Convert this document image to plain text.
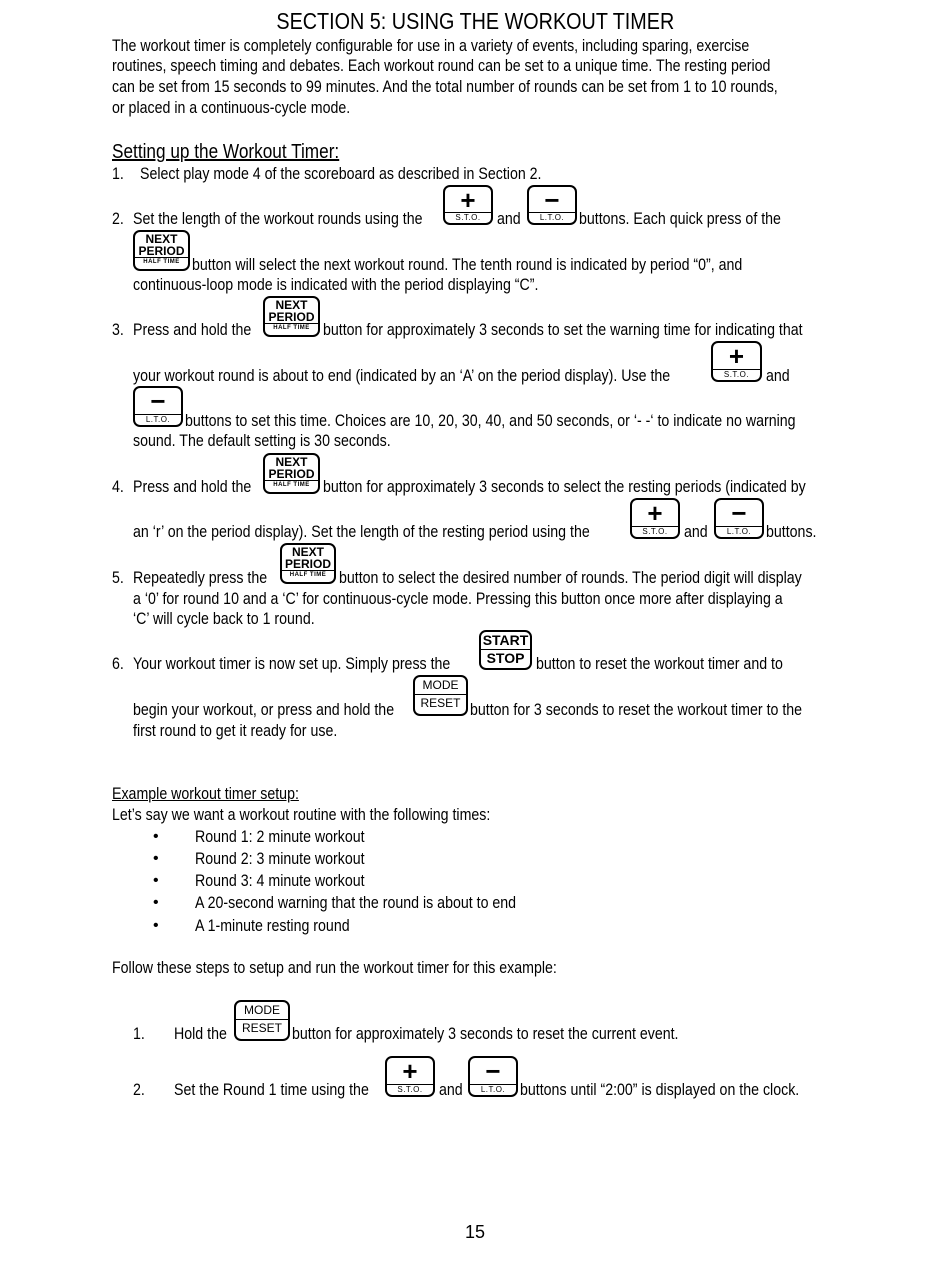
SECTION 5: USING THE WORKOUT TIMER
The workout timer is completely configurable for use in a variety of events, including sparing, exercise
routines, speech timing and debates. Each workout round can be set to a unique time. The resting period
can be set from 15 seconds to 99 minutes. And the total number of rounds can be set from 1 to 10 rounds,
or placed in a continuous-cycle mode.
Setting up the Workout Timer:
1. Select play mode 4 of the scoreboard as described in Section 2.
2. Set the length of the workout rounds using the
+
S.T.O. and
−
L.T.O. buttons. Each quick press of the
NEXT
PERIOD
HALF TIME button will select the next workout round. The tenth round is indicated by period “0”, and
continuous-loop mode is indicated with the period displaying “C”.
3. Press and hold the
NEXT
PERIOD
HALF TIME button for approximately 3 seconds to set the warning time for indicating that
your workout round is about to end (indicated by an ‘A’ on the period display). Use the
+
S.T.O.	and
−
L.T.O. buttons to set this time. Choices are 10, 20, 30, 40, and 50 seconds, or ‘- -‘ to indicate no warning
sound. The default setting is 30 seconds.
4. Press and hold the
NEXT
PERIOD
HALF TIME button for approximately 3 seconds to select the resting periods (indicated by
an ‘r’ on the period display). Set the length of the resting period using the
+
S.T.O. and
−
L.T.O. buttons.
5. Repeatedly press the
NEXT
PERIOD
HALF TIME button to select the desired number of rounds. The period digit will display
a ‘0’ for round 10 and a ‘C’ for continuous-cycle mode. Pressing this button once more after displaying a
‘C’ will cycle back to 1 round.
6. Your workout timer is now set up. Simply press the
START
STOP button to reset the workout timer and to
begin your workout, or press and hold the
MODE
RESET button for 3 seconds to reset the workout timer to the
first round to get it ready for use.
Example workout timer setup:
Let’s say we want a workout routine with the following times:
• Round 1: 2 minute workout
• Round 2: 3 minute workout
• Round 3: 4 minute workout
• A 20-second warning that the round is about to end
• A 1-minute resting round
Follow these steps to setup and run the workout timer for this example:
1. Hold the
MODE
RESET button for approximately 3 seconds to reset the current event.
2. Set the Round 1 time using the
+
S.T.O. and
−
L.T.O. buttons until “2:00” is displayed on the clock.
15
